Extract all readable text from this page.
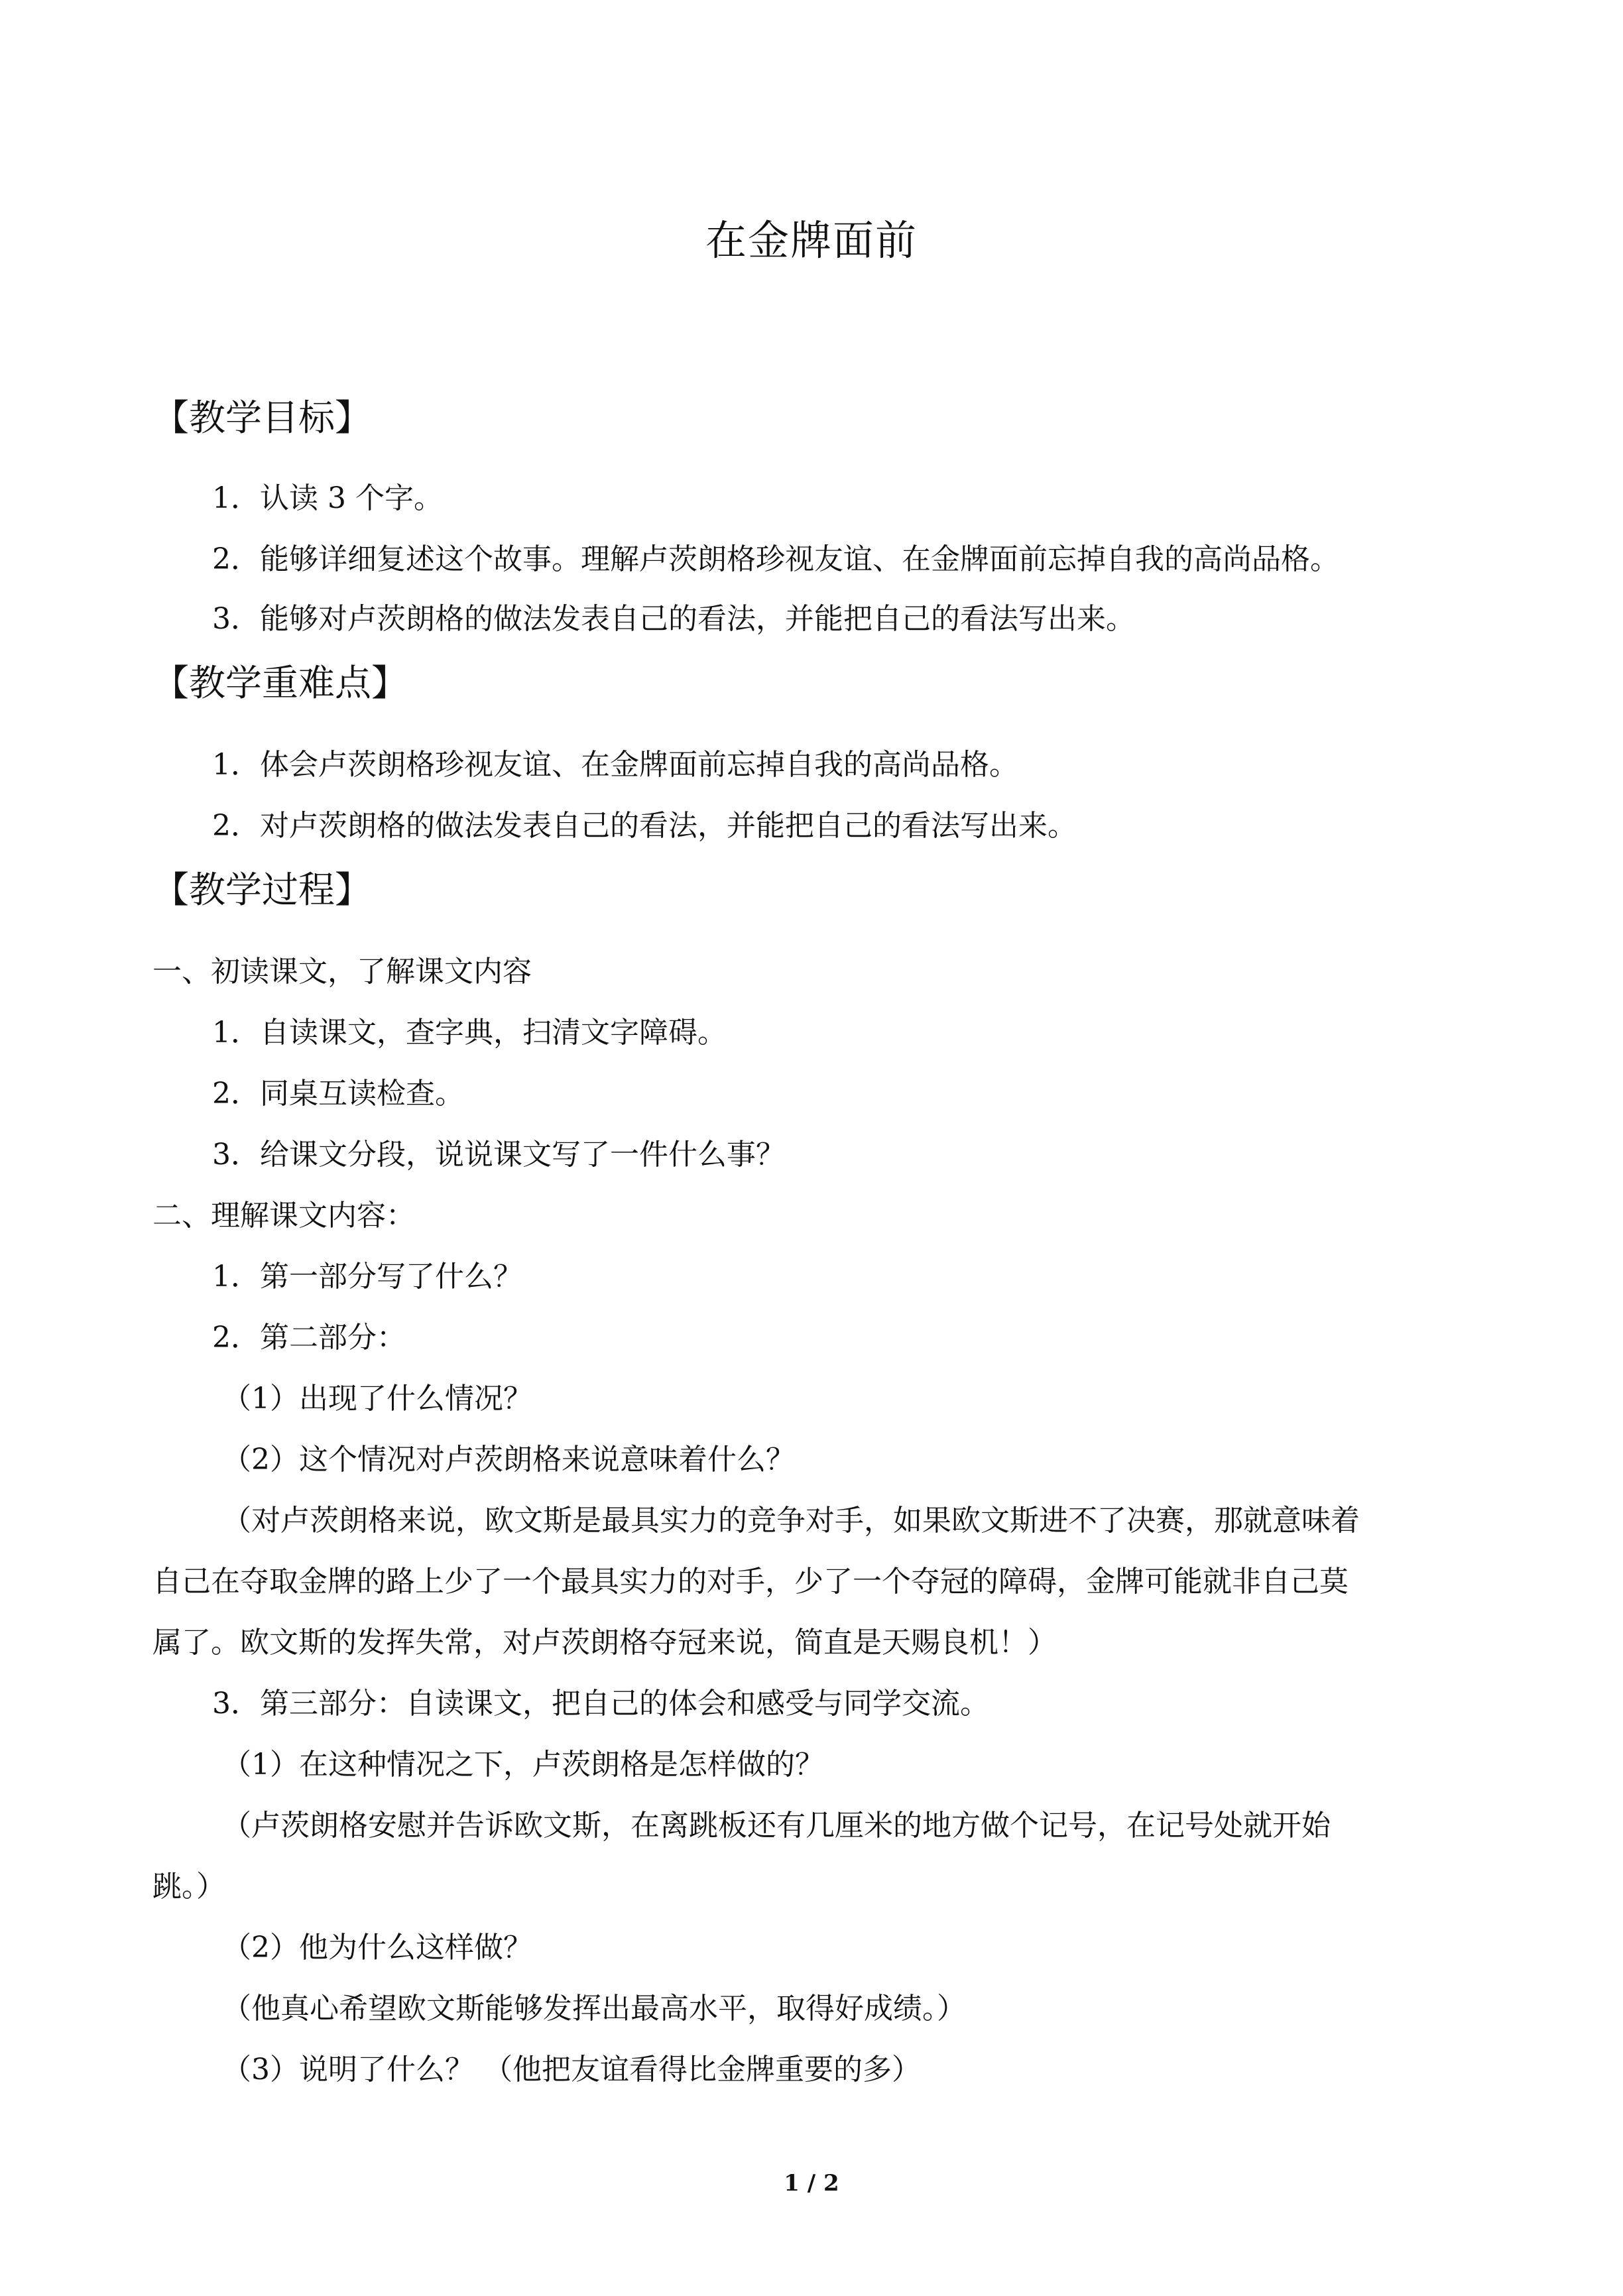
在金牌面前
【教学目标】
1．认读 3 个字。
2．能够详细复述这个故事。理解卢茨朗格珍视友谊、在金牌面前忘掉自我的高尚品格。
3．能够对卢茨朗格的做法发表自己的看法，并能把自己的看法写出来。
【教学重难点】
1．体会卢茨朗格珍视友谊、在金牌面前忘掉自我的高尚品格。
2．对卢茨朗格的做法发表自己的看法，并能把自己的看法写出来。
【教学过程】
一、初读课文，了解课文内容
1．自读课文，查字典，扫清文字障碍。
2．同桌互读检查。
3．给课文分段，说说课文写了一件什么事？
二、理解课文内容：
1．第一部分写了什么？
2．第二部分：
（1）出现了什么情况？
（2）这个情况对卢茨朗格来说意味着什么？
（对卢茨朗格来说，欧文斯是最具实力的竞争对手，如果欧文斯进不了决赛，那就意味着
自己在夺取金牌的路上少了一个最具实力的对手，少了一个夺冠的障碍，金牌可能就非自己莫
属了。欧文斯的发挥失常，对卢茨朗格夺冠来说，简直是天赐良机！）
3．第三部分：自读课文，把自己的体会和感受与同学交流。
（1）在这种情况之下，卢茨朗格是怎样做的？
（卢茨朗格安慰并告诉欧文斯，在离跳板还有几厘米的地方做个记号，在记号处就开始
跳。）
（2）他为什么这样做？
（他真心希望欧文斯能够发挥出最高水平，取得好成绩。）
（3）说明了什么？ （他把友谊看得比金牌重要的多）
1 / 2
